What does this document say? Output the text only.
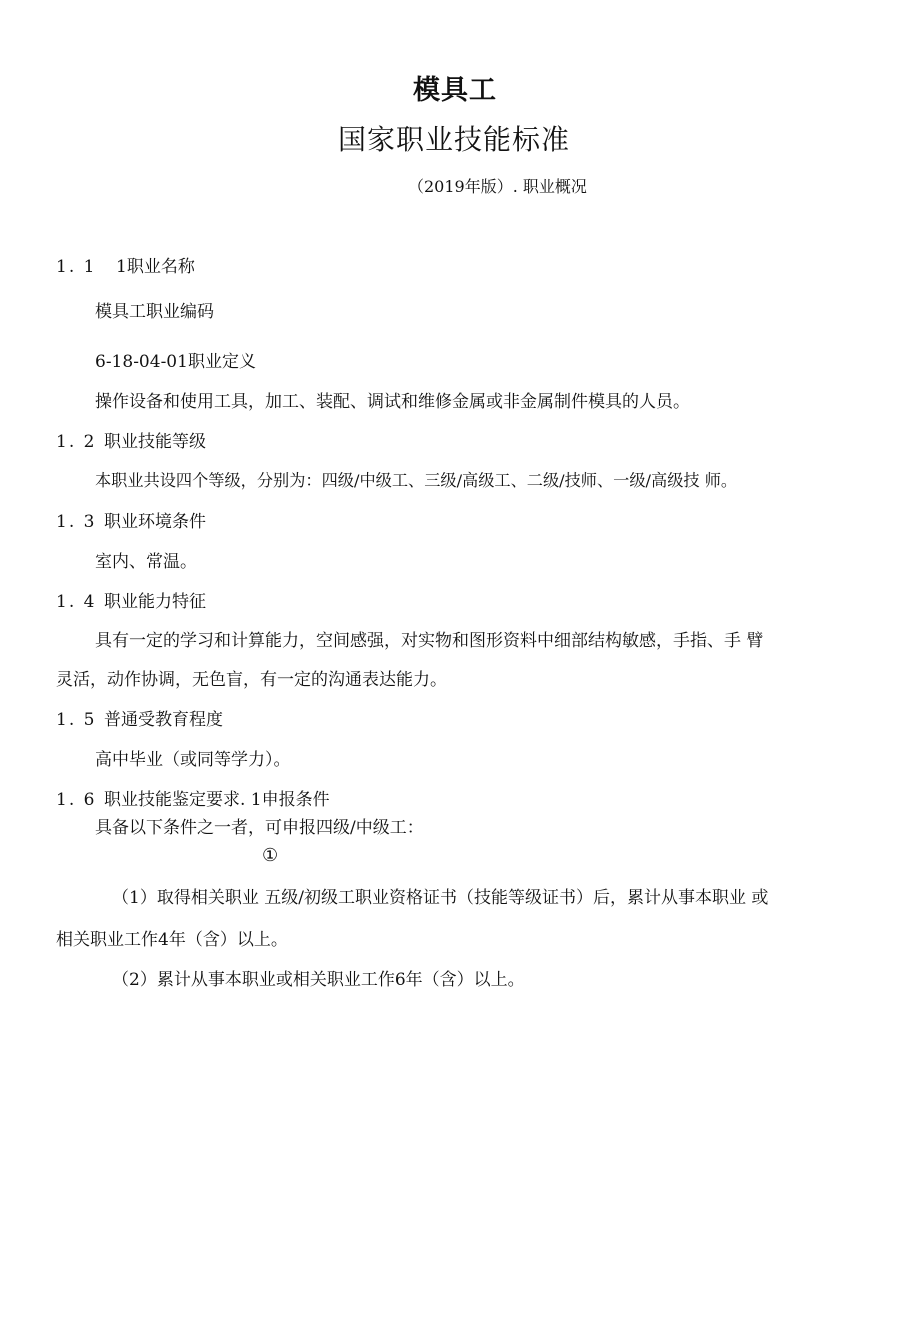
模具工
国家职业技能标准
（2019年版）. 职业概况
1. 1 1职业名称
模具工职业编码
6-18-04-01职业定义
操作设备和使用工具，加工、装配、调试和维修金属或非金属制件模具的人员。
1. 2 职业技能等级
本职业共设四个等级，分别为：四级/中级工、三级/高级工、二级/技师、一级/高级技 师。
1. 3 职业环境条件
室内、常温。
1. 4 职业能力特征
具有一定的学习和计算能力，空间感强，对实物和图形资料中细部结构敏感，手指、手 臂
灵活，动作协调，无色盲，有一定的沟通表达能力。
1. 5 普通受教育程度
高中毕业（或同等学力）。
1. 6 职业技能鉴定要求. 1申报条件
具备以下条件之一者，可申报四级/中级工：
①
（1）取得相关职业 五级/初级工职业资格证书（技能等级证书）后，累计从事本职业 或
相关职业工作4年（含）以上。
（2）累计从事本职业或相关职业工作6年（含）以上。
